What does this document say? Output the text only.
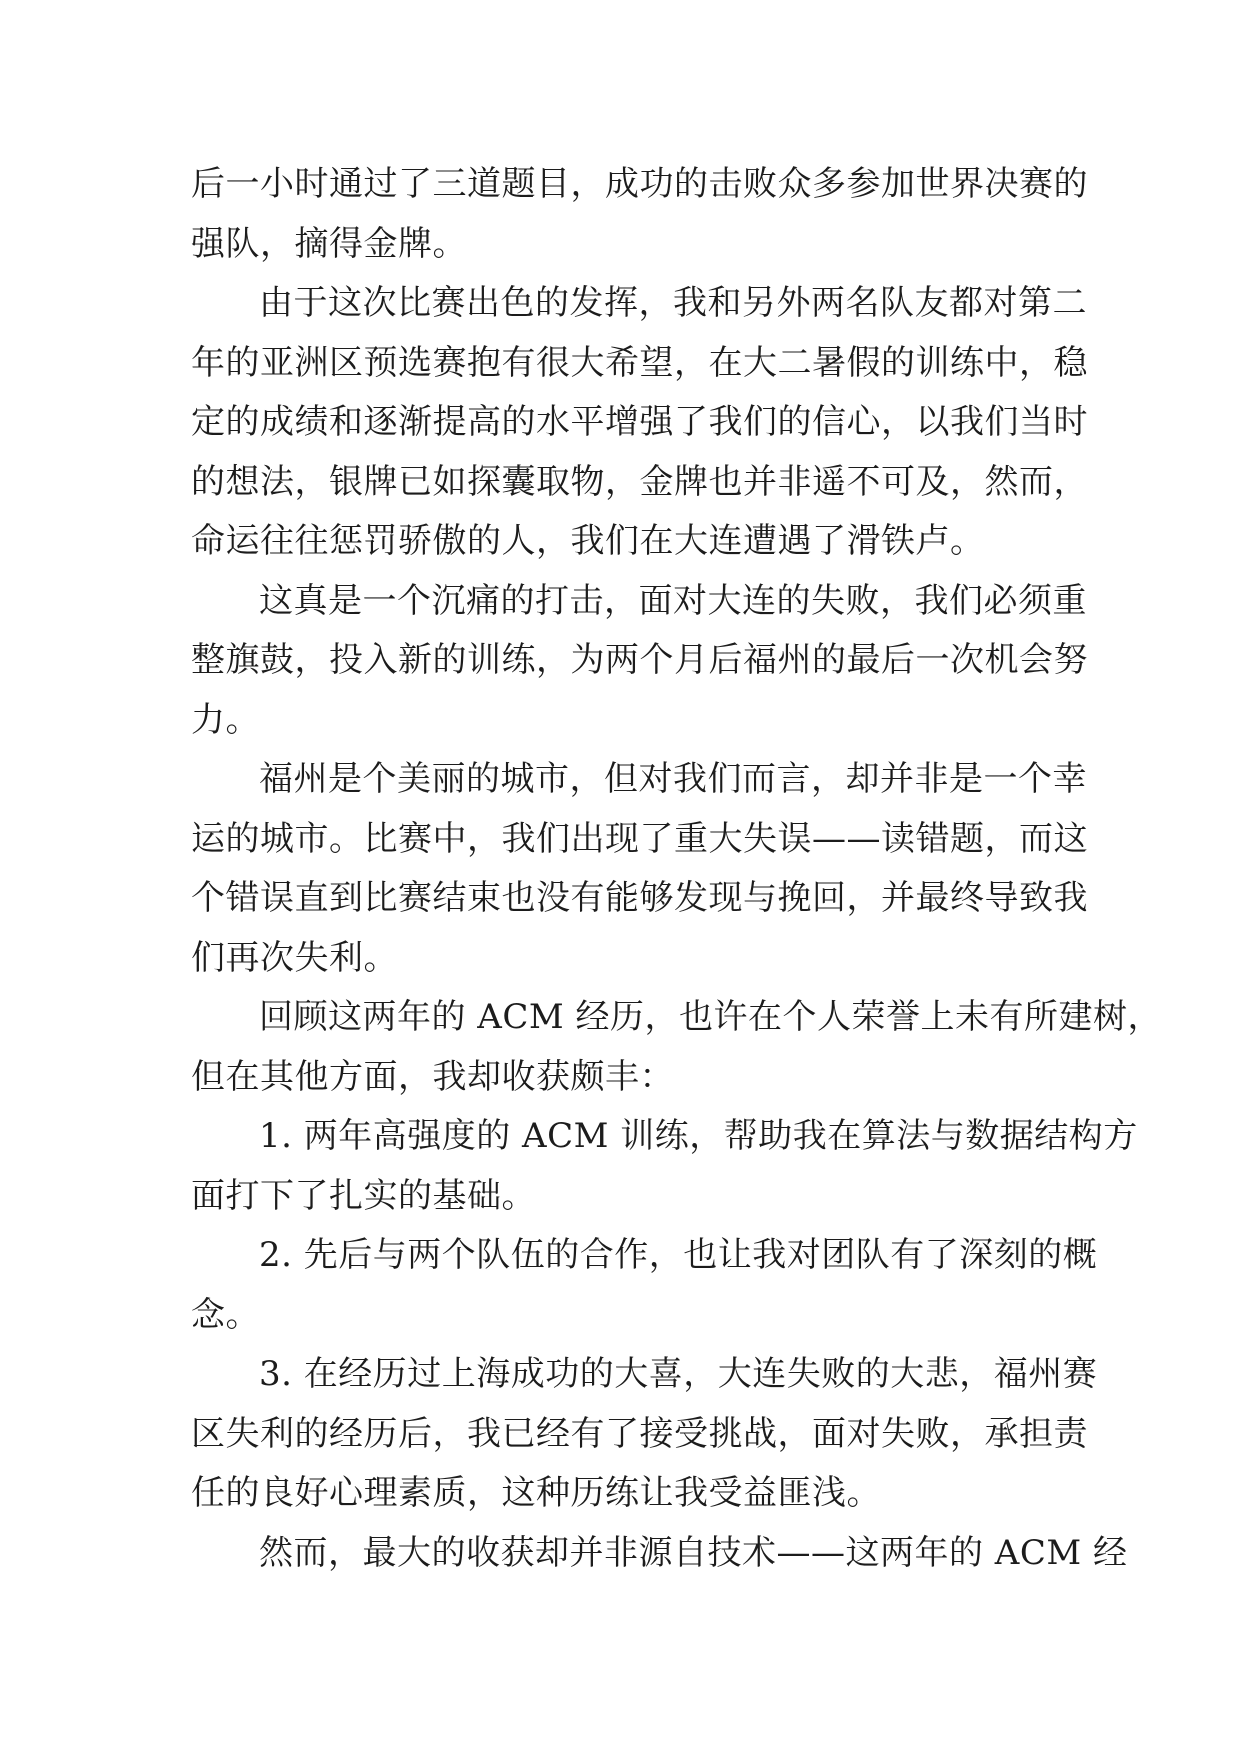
后一小时通过了三道题目，成功的击败众多参加世界决赛的
强队，摘得金牌。
由于这次比赛出色的发挥，我和另外两名队友都对第二
年的亚洲区预选赛抱有很大希望，在大二暑假的训练中，稳
定的成绩和逐渐提高的水平增强了我们的信心，以我们当时
的想法，银牌已如探囊取物，金牌也并非遥不可及，然而，
命运往往惩罚骄傲的人，我们在大连遭遇了滑铁卢。
这真是一个沉痛的打击，面对大连的失败，我们必须重
整旗鼓，投入新的训练，为两个月后福州的最后一次机会努
力。
福州是个美丽的城市，但对我们而言，却并非是一个幸
运的城市。比赛中，我们出现了重大失误——读错题，而这
个错误直到比赛结束也没有能够发现与挽回，并最终导致我
们再次失利。
回顾这两年的 ACM 经历，也许在个人荣誉上未有所建树，
但在其他方面，我却收获颇丰：
1. 两年高强度的 ACM 训练，帮助我在算法与数据结构方
面打下了扎实的基础。
2. 先后与两个队伍的合作，也让我对团队有了深刻的概
念。
3. 在经历过上海成功的大喜，大连失败的大悲，福州赛
区失利的经历后，我已经有了接受挑战，面对失败，承担责
任的良好心理素质，这种历练让我受益匪浅。
然而，最大的收获却并非源自技术——这两年的 ACM 经
